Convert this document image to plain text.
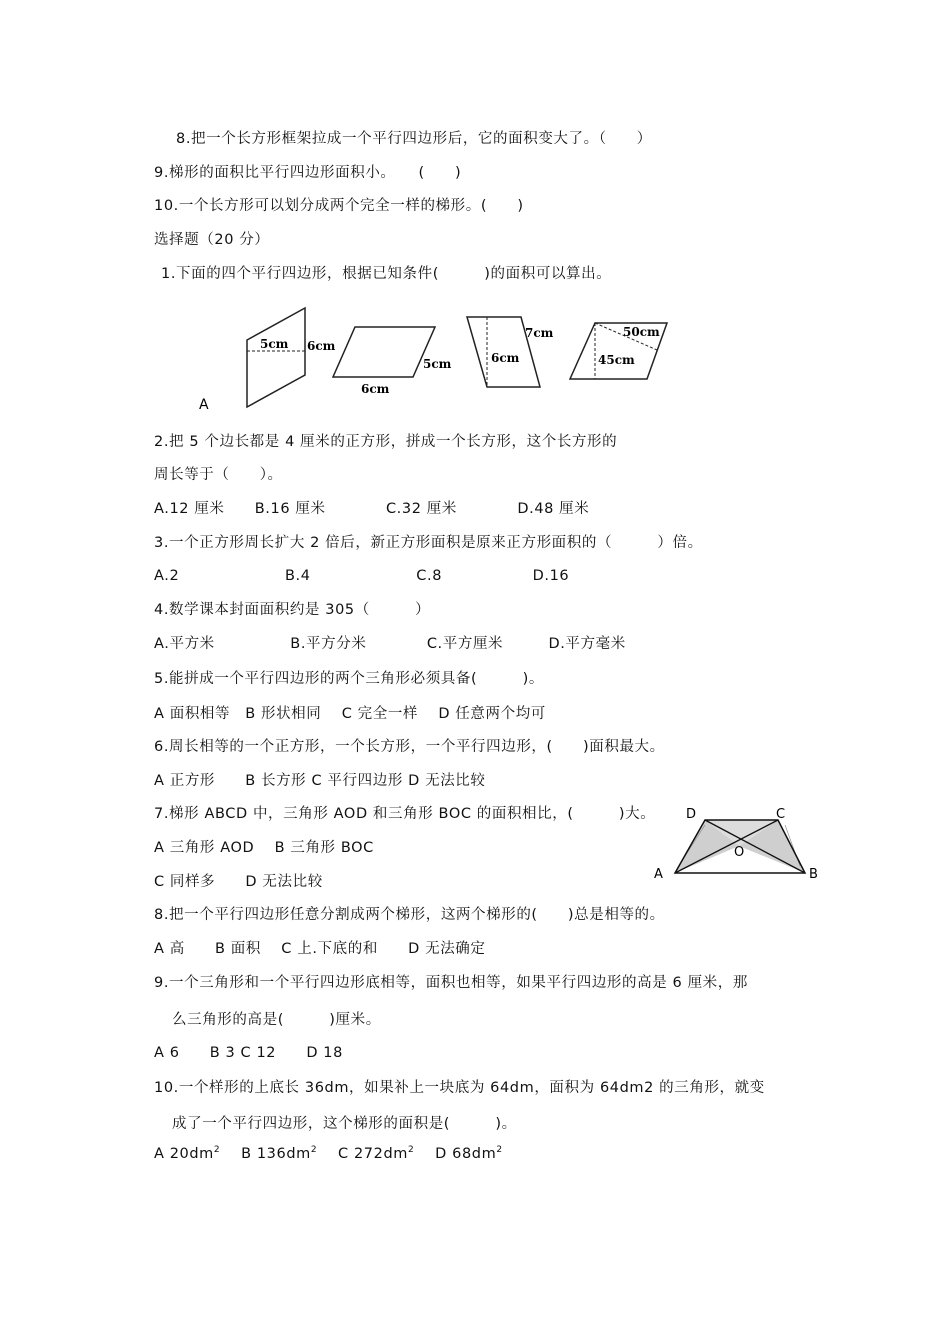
8.把一个长方形框架拉成一个平行四边形后，它的面积变大了。（　　）
9.梯形的面积比平行四边形面积小。　　(　　)
10.一个长方形可以划分成两个完全一样的梯形。(　　)
选择题（20 分）
1.下面的四个平行四边形，根据已知条件(　　　)的面积可以算出。
A
5cm 6cm
6cm
5cm
7cm
6cm
50cm
45cm
2.把 5 个边长都是 4 厘米的正方形，拼成一个长方形，这个长方形的
周长等于（　　）。
A.12 厘米　　B.16 厘米　　　　C.32 厘米　　　　D.48 厘米
3.一个正方形周长扩大 2 倍后，新正方形面积是原来正方形面积的（　　　）倍。
A.2　　　　　　　B.4　　　　　　　C.8　　　　　　D.16
4.数学课本封面面积约是 305（　　　）
A.平方米　　　　　B.平方分米　　　　C.平方厘米　　　D.平方毫米
5.能拼成一个平行四边形的两个三角形必须具备(　　　)。
A 面积相等　B 形状相同　 C 完全一样　 D 任意两个均可
6.周长相等的一个正方形，一个长方形，一个平行四边形，(　　)面积最大。
A 正方形　　B 长方形 C 平行四边形 D 无法比较
7.梯形 ABCD 中，三角形 AOD 和三角形 BOC 的面积相比，(　　　)大。
A 三角形 AOD　 B 三角形 BOC
C 同样多　　D 无法比较
D	C
A	B
O
8.把一个平行四边形任意分割成两个梯形，这两个梯形的(　　)总是相等的。
A 高　　B 面积　 C 上.下底的和　　D 无法确定
9.一个三角形和一个平行四边形底相等，面积也相等，如果平行四边形的高是 6 厘米，那
么三角形的高是(　　　)厘米。
A 6　　B 3 C 12　　D 18
10.一个样形的上底长 36dm，如果补上一块底为 64dm，面积为 64dm2 的三角形，就变
成了一个平行四边形，这个梯形的面积是(　　　)。
A $20dm^2$ B $136dm^2$ C $272dm^2$ D $68dm^2$
